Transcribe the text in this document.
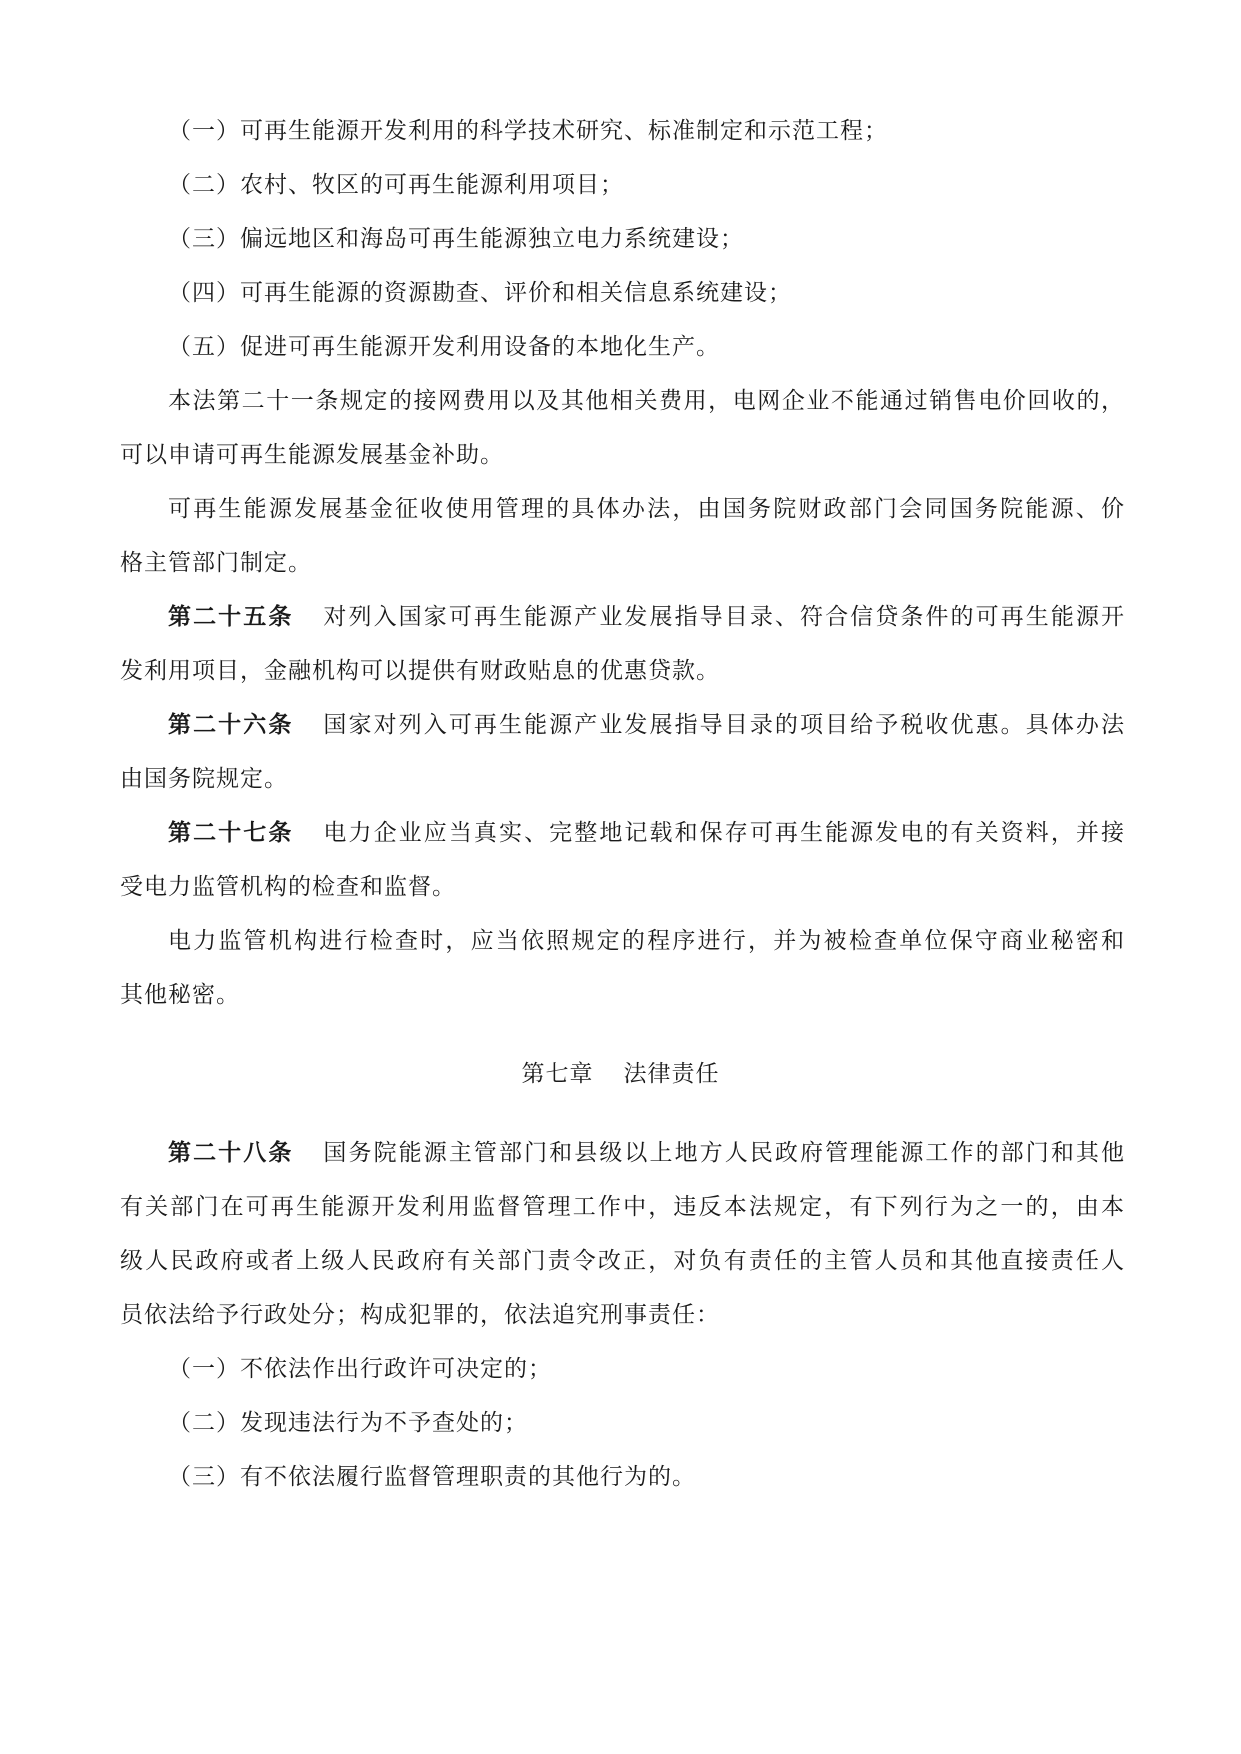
（一）可再生能源开发利用的科学技术研究、标准制定和示范工程；
（二）农村、牧区的可再生能源利用项目；
（三）偏远地区和海岛可再生能源独立电力系统建设；
（四）可再生能源的资源勘查、评价和相关信息系统建设；
（五）促进可再生能源开发利用设备的本地化生产。
本法第二十一条规定的接网费用以及其他相关费用，电网企业不能通过销售电价回收的，
可以申请可再生能源发展基金补助。
可再生能源发展基金征收使用管理的具体办法，由国务院财政部门会同国务院能源、价
格主管部门制定。
第二十五条 对列入国家可再生能源产业发展指导目录、符合信贷条件的可再生能源开
发利用项目，金融机构可以提供有财政贴息的优惠贷款。
第二十六条 国家对列入可再生能源产业发展指导目录的项目给予税收优惠。具体办法
由国务院规定。
第二十七条 电力企业应当真实、完整地记载和保存可再生能源发电的有关资料，并接
受电力监管机构的检查和监督。
电力监管机构进行检查时，应当依照规定的程序进行，并为被检查单位保守商业秘密和
其他秘密。
第七章 法律责任
第二十八条 国务院能源主管部门和县级以上地方人民政府管理能源工作的部门和其他
有关部门在可再生能源开发利用监督管理工作中，违反本法规定，有下列行为之一的，由本
级人民政府或者上级人民政府有关部门责令改正，对负有责任的主管人员和其他直接责任人
员依法给予行政处分；构成犯罪的，依法追究刑事责任：
（一）不依法作出行政许可决定的；
（二）发现违法行为不予查处的；
（三）有不依法履行监督管理职责的其他行为的。
